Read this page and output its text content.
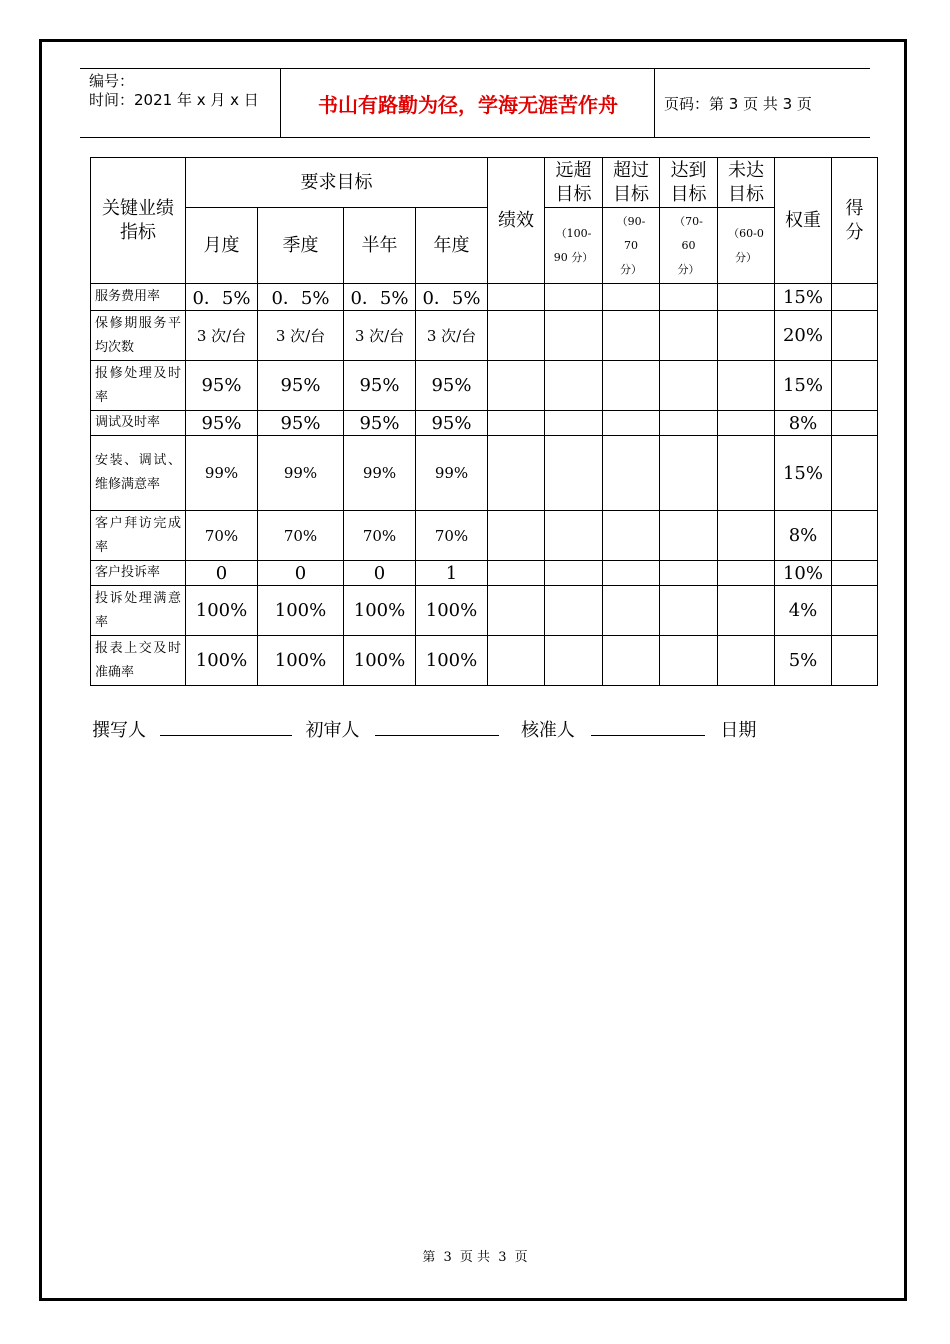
编号：
时间：2021 年 x 月 x 日	书山有路勤为径，学海无涯苦作舟	页码：第 3 页 共 3 页
关键业绩指标	要求目标				绩效	远超目标	超过目标	达到目标	未达目标	权重	得分

	月度	季度	半年	年度		（100-90 分）	（90-70 分）	（70-60 分）	（60-0 分）		

服务费用率	0．5%	0．5%	0．5%	0．5%						15%	
保修期服务平均次数	3 次/台	3 次/台	3 次/台	3 次/台						20%	
报修处理及时率	95%	95%	95%	95%						15%	
调试及时率	95%	95%	95%	95%						8%	
安装、调试、维修满意率	99%	99%	99%	99%						15%	
客户拜访完成率	70%	70%	70%	70%						8%	
客户投诉率	0	0	0	1						10%	
投诉处理满意率	100%	100%	100%	100%						4%	
报表上交及时准确率	100%	100%	100%	100%						5%	
撰写人	初审人	核准人	日期
第 3 页 共 3 页
